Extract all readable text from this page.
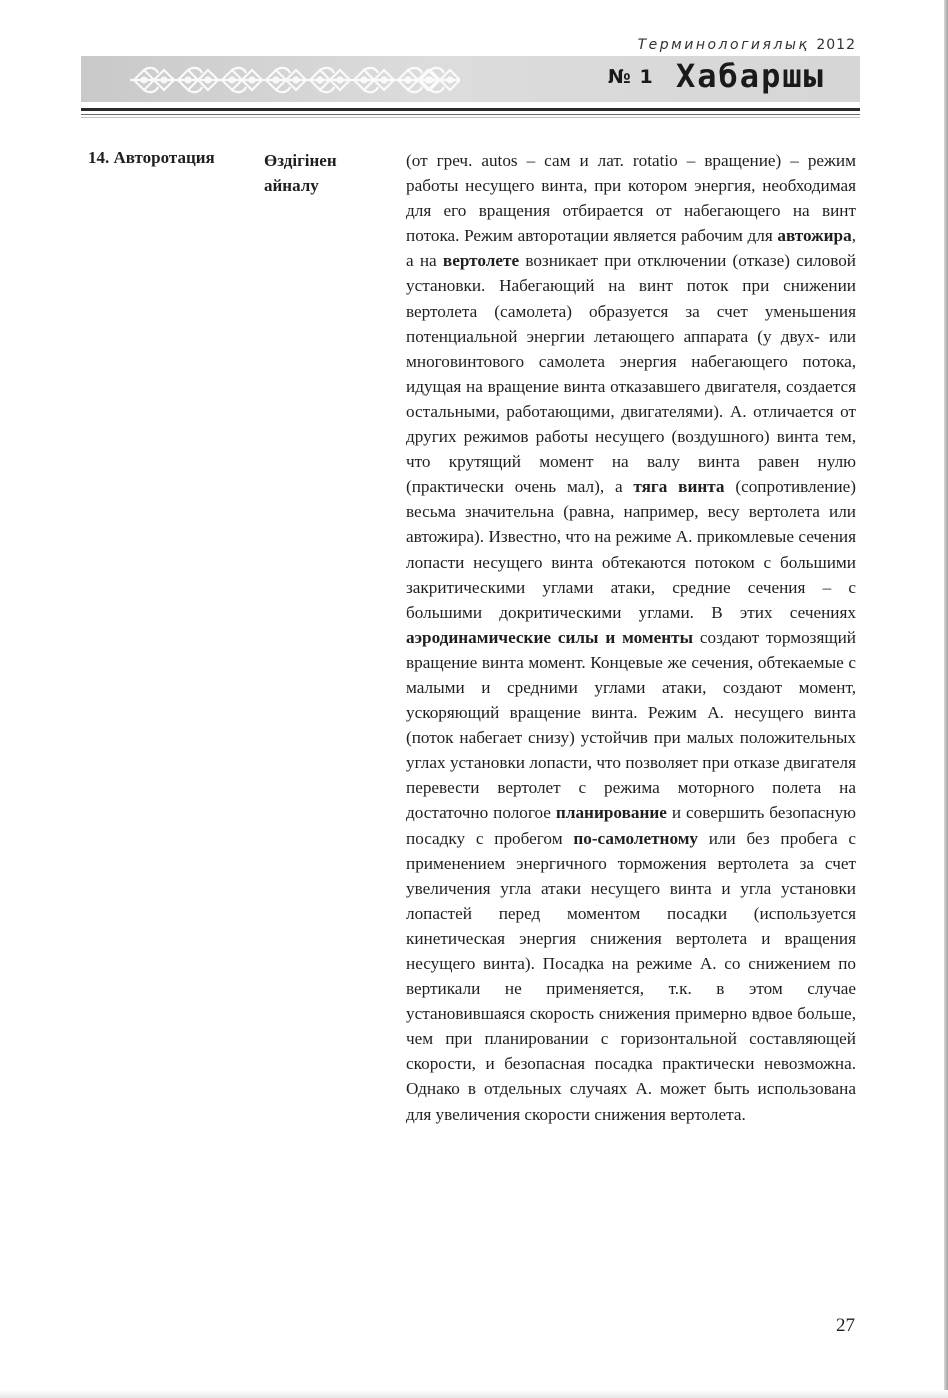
Терминологиялық 2012
№ 1 Хабаршы
14. Авторотация	Өздігінен
айналу

(от греч. autos – сам и лат. rotatio – вращение) – режим работы несущего винта, при котором энергия, необходимая для его вращения отбирается от набегающего на винт потока. Режим авторотации является рабочим для автожира, а на вертолете возникает при отключении (отказе) силовой установки. Набегающий на винт поток при снижении вертолета (самолета) образуется за счет уменьшения потенциальной энергии летающего аппарата (у двух- или многовинтового самолета энергия набегающего потока, идущая на вращение винта отказавшего двигателя, создается остальными, работающими, двигателями). А. отличается от других режимов работы несущего (воздушного) винта тем, что крутящий момент на валу винта равен нулю (практически очень мал), а тяга винта (сопротивление) весьма значительна (равна, например, весу вертолета или автожира). Известно, что на режиме А. прикомлевые сечения лопасти несущего винта обтекаются потоком с большими закритическими углами атаки, средние сечения – с большими докритическими углами. В этих сечениях аэродинамические силы и моменты создают тормозящий вращение винта момент. Концевые же сечения, обтекаемые с малыми и средними углами атаки, создают момент, ускоряющий вращение винта. Режим А. несущего винта (поток набегает снизу) устойчив при малых положительных углах установки лопасти, что позволяет при отказе двигателя перевести вертолет с режима моторного полета на достаточно пологое планирование и совершить безопасную посадку с пробегом по-самолетному или без пробега с применением энергичного торможения вертолета за счет увеличения угла атаки несущего винта и угла установки лопастей перед моментом посадки (используется кинетическая энергия снижения вертолета и вращения несущего винта). Посадка на режиме А. со снижением по вертикали не применяется, т.к. в этом случае установившаяся скорость снижения примерно вдвое больше, чем при планировании с горизонтальной составляющей скорости, и безопасная посадка практически невозможна. Однако в отдельных случаях А. может быть использована для увеличения скорости снижения вертолета.

27
